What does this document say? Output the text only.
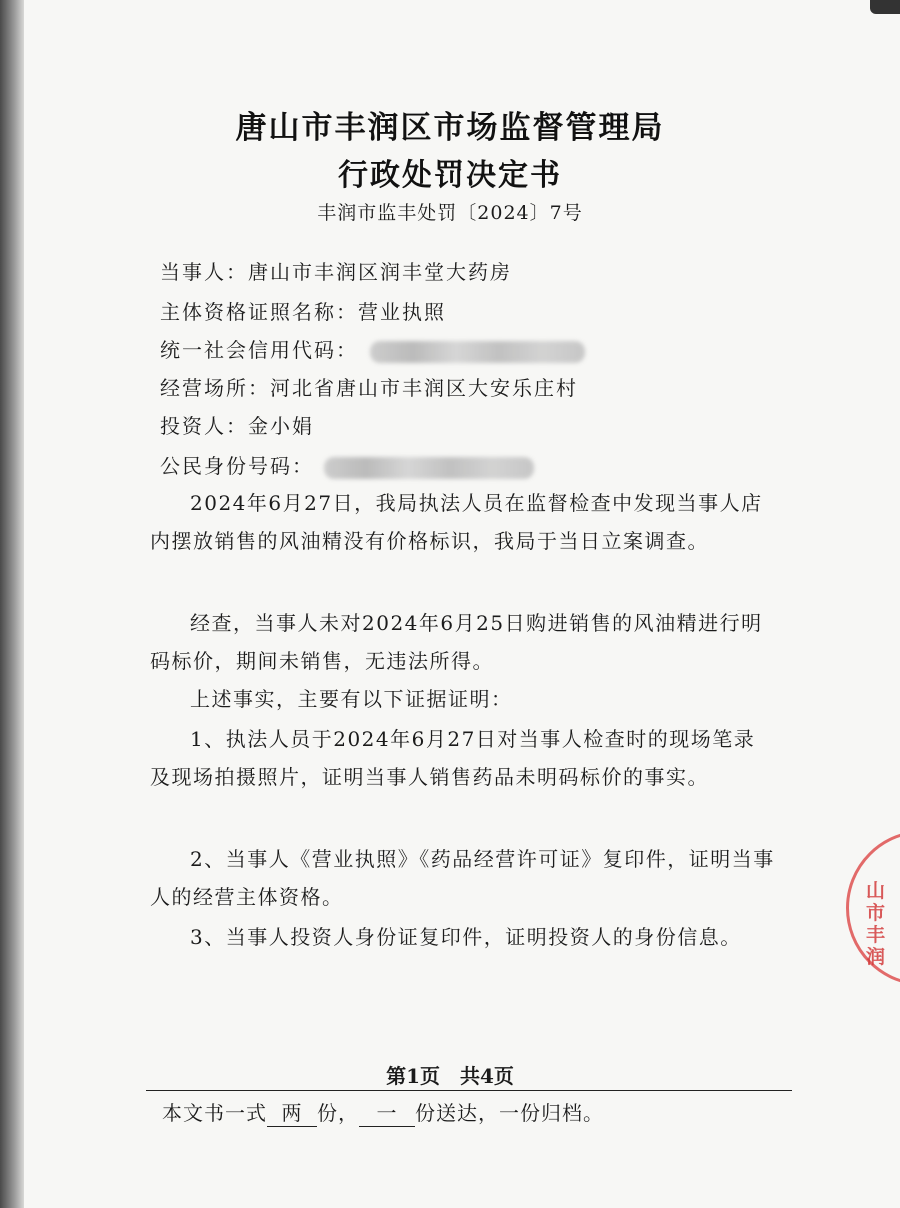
唐山市丰润区市场监督管理局
行政处罚决定书
丰润市监丰处罚〔2024〕7号
当事人：唐山市丰润区润丰堂大药房
主体资格证照名称：营业执照
统一社会信用代码：
经营场所：河北省唐山市丰润区大安乐庄村
投资人：金小娟
公民身份号码：
2024年6月27日，我局执法人员在监督检查中发现当事人店内摆放销售的风油精没有价格标识，我局于当日立案调查。
经查，当事人未对2024年6月25日购进销售的风油精进行明码标价，期间未销售，无违法所得。
上述事实，主要有以下证据证明：
1、执法人员于2024年6月27日对当事人检查时的现场笔录及现场拍摄照片，证明当事人销售药品未明码标价的事实。
2、当事人《营业执照》《药品经营许可证》复印件，证明当事人的经营主体资格。
3、当事人投资人身份证复印件，证明投资人的身份信息。
第1页　共4页
本文书一式 两 份， 一 份送达，一份归档。
山市丰润
